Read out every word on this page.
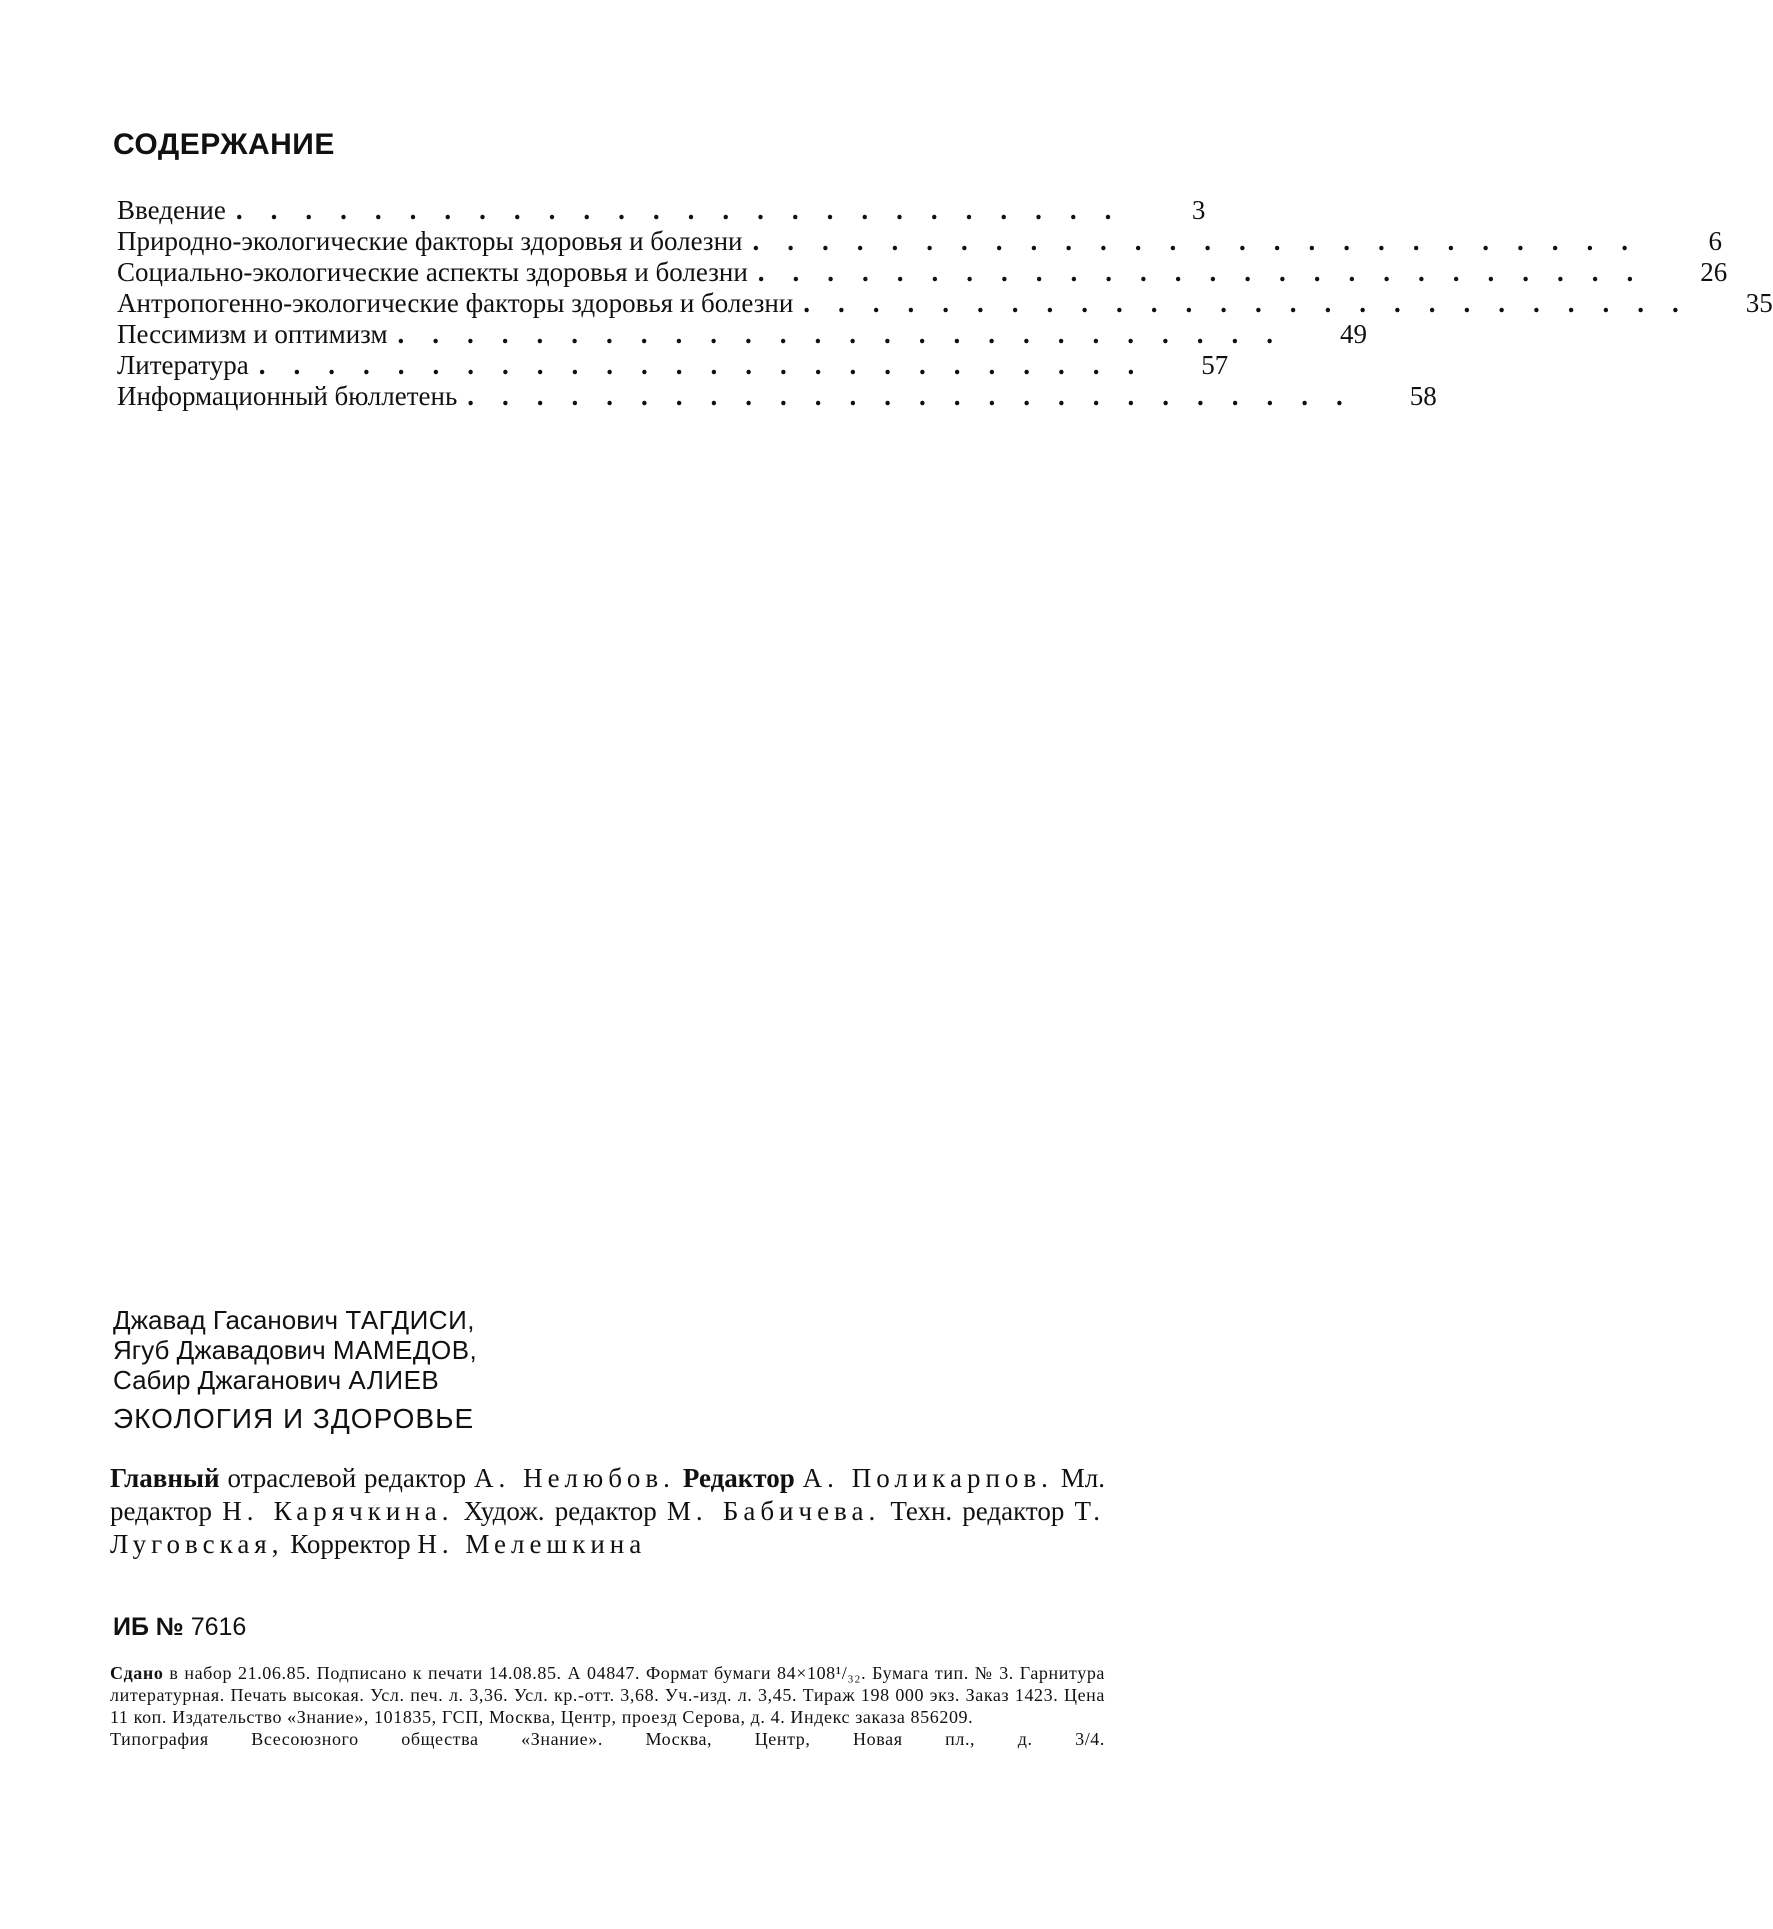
СОДЕРЖАНИЕ
Введение ..........................	3
Природно-экологические факторы здоровья и болезни ..........................	6
Социально-экологические аспекты здоровья и болезни ..........................	26
Антропогенно-экологические факторы здоровья и болезни ..........................	35
Пессимизм и оптимизм ..........................	49
Литература ..........................	57
Информационный бюллетень ..........................	58
Джавад Гасанович ТАГДИСИ,
Ягуб Джавадович МАМЕДОВ,
Сабир Джаганович АЛИЕВ
ЭКОЛОГИЯ И ЗДОРОВЬЕ
Главный отраслевой редактор А. Нелюбов. Редактор А. Поликарпов. Мл. редактор Н. Карячкина. Худож. редактор М. Бабичева. Техн. редактор Т. Луговская, Корректор Н. Мелешкина
ИБ № 7616
Сдано в набор 21.06.85. Подписано к печати 14.08.85. А 04847. Формат бумаги 84×108¹/₃₂. Бумага тип. № 3. Гарнитура литературная. Печать высокая. Усл. печ. л. 3,36. Усл. кр.-отт. 3,68. Уч.-изд. л. 3,45. Тираж 198 000 экз. Заказ 1423. Цена 11 коп. Издательство «Знание», 101835, ГСП, Москва, Центр, проезд Серова, д. 4. Индекс заказа 856209.
Типография Всесоюзного общества «Знание». Москва, Центр, Новая пл., д. 3/4.
